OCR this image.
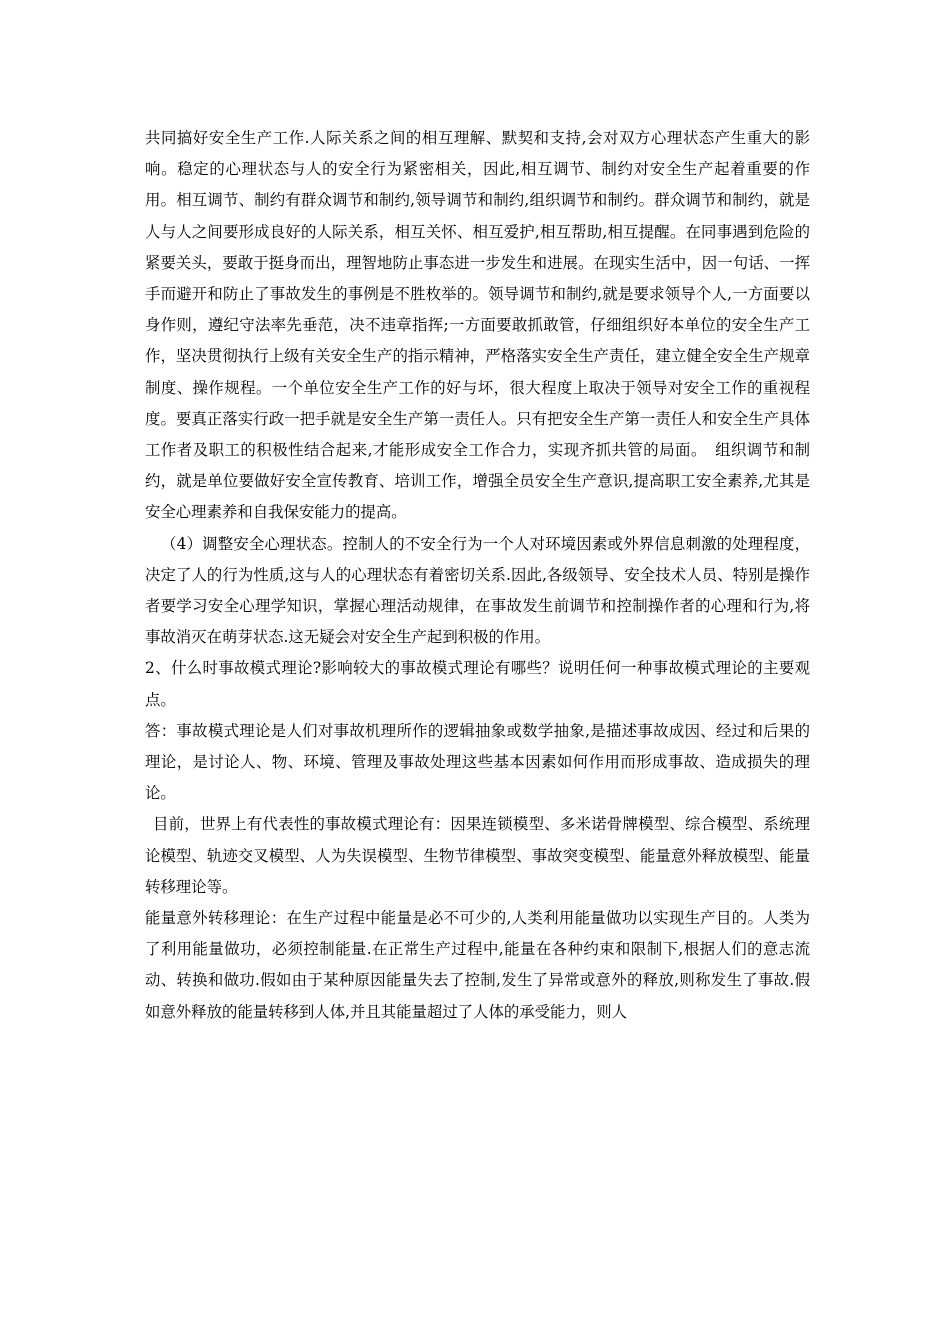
共同搞好安全生产工作.人际关系之间的相互理解、默契和支持,会对双方心理状态产生重大的影响。稳定的心理状态与人的安全行为紧密相关，因此,相互调节、制约对安全生产起着重要的作用。相互调节、制约有群众调节和制约,领导调节和制约,组织调节和制约。群众调节和制约，就是人与人之间要形成良好的人际关系，相互关怀、相互爱护,相互帮助,相互提醒。在同事遇到危险的紧要关头，要敢于挺身而出，理智地防止事态进一步发生和进展。在现实生活中，因一句话、一挥手而避开和防止了事故发生的事例是不胜枚举的。领导调节和制约,就是要求领导个人,一方面要以身作则，遵纪守法率先垂范，决不违章指挥;一方面要敢抓敢管，仔细组织好本单位的安全生产工作，坚决贯彻执行上级有关安全生产的指示精神，严格落实安全生产责任，建立健全安全生产规章制度、操作规程。一个单位安全生产工作的好与坏，很大程度上取决于领导对安全工作的重视程度。要真正落实行政一把手就是安全生产第一责任人。只有把安全生产第一责任人和安全生产具体工作者及职工的积极性结合起来,才能形成安全工作合力，实现齐抓共管的局面。　组织调节和制约，就是单位要做好安全宣传教育、培训工作，增强全员安全生产意识,提高职工安全素养,尤其是安全心理素养和自我保安能力的提高。

（4）调整安全心理状态。控制人的不安全行为一个人对环境因素或外界信息刺激的处理程度，决定了人的行为性质,这与人的心理状态有着密切关系.因此,各级领导、安全技术人员、特别是操作者要学习安全心理学知识，掌握心理活动规律，在事故发生前调节和控制操作者的心理和行为,将事故消灭在萌芽状态.这无疑会对安全生产起到积极的作用。

2、什么时事故模式理论?影响较大的事故模式理论有哪些？说明任何一种事故模式理论的主要观点。

答：事故模式理论是人们对事故机理所作的逻辑抽象或数学抽象,是描述事故成因、经过和后果的理论，是讨论人、物、环境、管理及事故处理这些基本因素如何作用而形成事故、造成损失的理论。

目前，世界上有代表性的事故模式理论有：因果连锁模型、多米诺骨牌模型、综合模型、系统理论模型、轨迹交叉模型、人为失误模型、生物节律模型、事故突变模型、能量意外释放模型、能量转移理论等。

能量意外转移理论：在生产过程中能量是必不可少的,人类利用能量做功以实现生产目的。人类为了利用能量做功，必须控制能量.在正常生产过程中,能量在各种约束和限制下,根据人们的意志流动、转换和做功.假如由于某种原因能量失去了控制,发生了异常或意外的释放,则称发生了事故.假如意外释放的能量转移到人体,并且其能量超过了人体的承受能力，则人
